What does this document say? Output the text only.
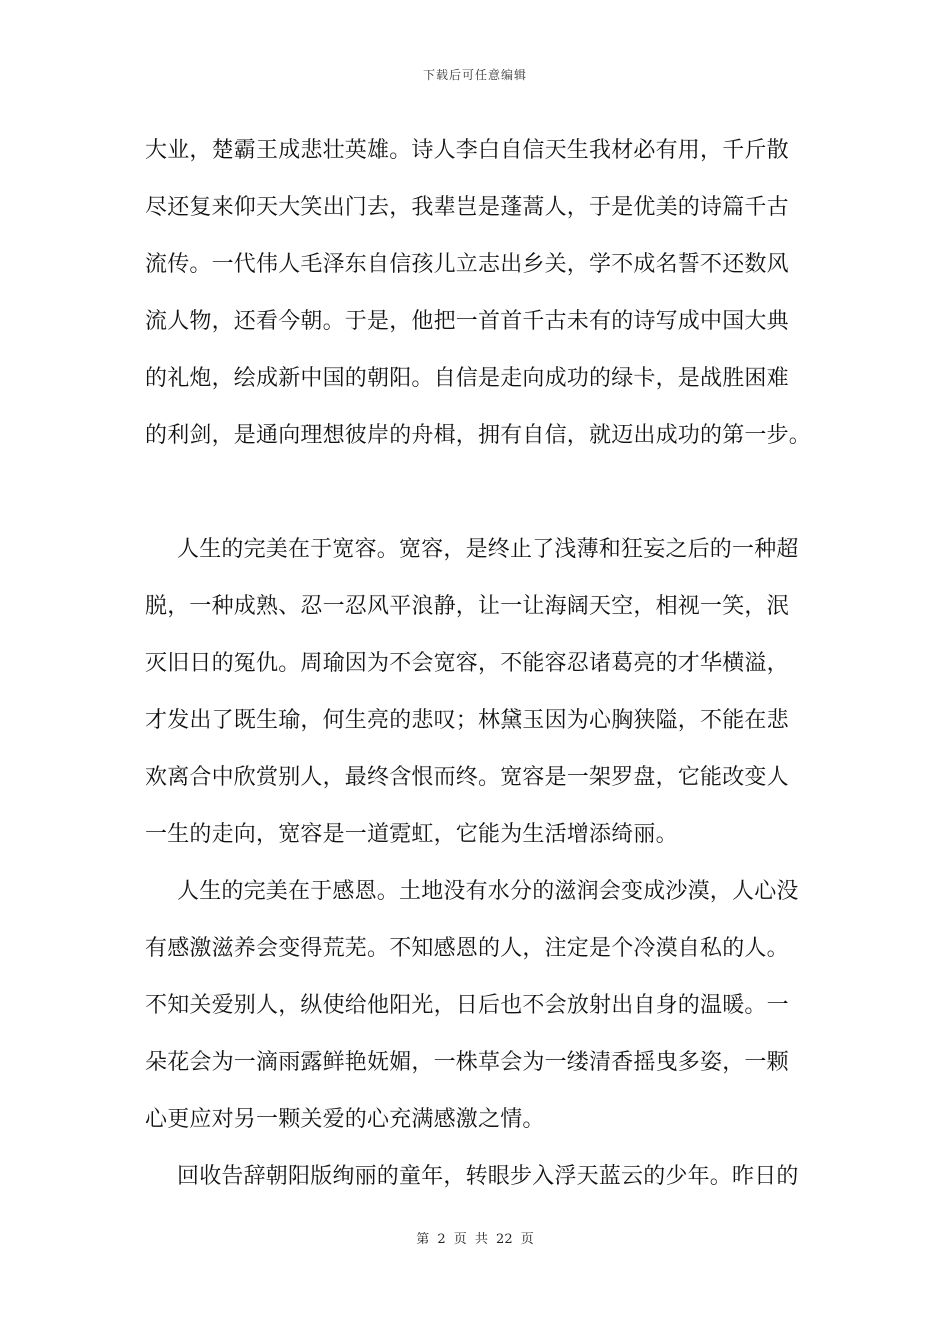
下载后可任意编辑
大业，楚霸王成悲壮英雄。诗人李白自信天生我材必有用，千斤散
尽还复来仰天大笑出门去，我辈岂是蓬蒿人，于是优美的诗篇千古
流传。一代伟人毛泽东自信孩儿立志出乡关，学不成名誓不还数风
流人物，还看今朝。于是，他把一首首千古未有的诗写成中国大典
的礼炮，绘成新中国的朝阳。自信是走向成功的绿卡，是战胜困难
的利剑，是通向理想彼岸的舟楫，拥有自信，就迈出成功的第一步。
人生的完美在于宽容。宽容，是终止了浅薄和狂妄之后的一种超
脱，一种成熟、忍一忍风平浪静，让一让海阔天空，相视一笑，泯
灭旧日的冤仇。周瑜因为不会宽容，不能容忍诸葛亮的才华横溢，
才发出了既生瑜，何生亮的悲叹；林黛玉因为心胸狭隘，不能在悲
欢离合中欣赏别人，最终含恨而终。宽容是一架罗盘，它能改变人
一生的走向，宽容是一道霓虹，它能为生活增添绮丽。
人生的完美在于感恩。土地没有水分的滋润会变成沙漠，人心没
有感激滋养会变得荒芜。不知感恩的人，注定是个冷漠自私的人。
不知关爱别人，纵使给他阳光，日后也不会放射出自身的温暖。一
朵花会为一滴雨露鲜艳妩媚，一株草会为一缕清香摇曳多姿，一颗
心更应对另一颗关爱的心充满感激之情。
回收告辞朝阳版绚丽的童年，转眼步入浮天蓝云的少年。昨日的
第 2 页 共 22 页
